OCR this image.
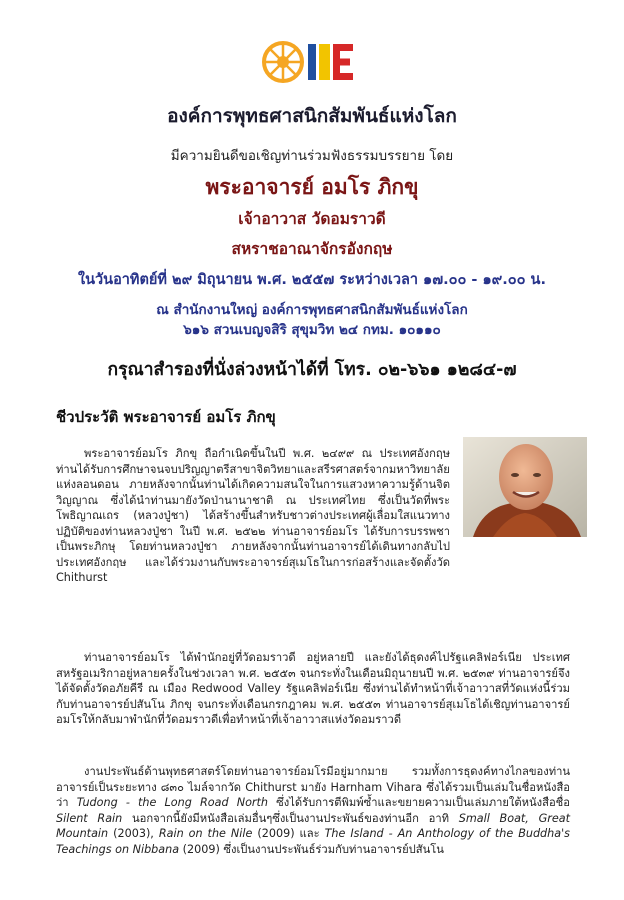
องค์การพุทธศาสนิกสัมพันธ์แห่งโลก
มีความยินดีขอเชิญท่านร่วมฟังธรรมบรรยาย โดย
พระอาจารย์ อมโร ภิกขุ
เจ้าอาวาส วัดอมราวดี
สหราชอาณาจักรอังกฤษ
ในวันอาทิตย์ที่ ๒๙ มิถุนายน พ.ศ. ๒๕๕๗ ระหว่างเวลา ๑๗.๐๐ - ๑๙.๐๐ น.
ณ สำนักงานใหญ่ องค์การพุทธศาสนิกสัมพันธ์แห่งโลก
๖๑๖ สวนเบญจสิริ สุขุมวิท ๒๔ กทม. ๑๐๑๑๐
กรุณาสำรองที่นั่งล่วงหน้าได้ที่ โทร. ๐๒-๖๖๑ ๑๒๘๔-๗
ชีวประวัติ พระอาจารย์ อมโร ภิกขุ

พระอาจารย์อมโร ภิกขุ ถือกำเนิดขึ้นในปี พ.ศ. ๒๔๙๙ ณ ประเทศอังกฤษ ท่านได้รับการศึกษาจนจบปริญญาตรีสาขาจิตวิทยาและสรีรศาสตร์จากมหาวิทยาลัยแห่งลอนดอน ภายหลังจากนั้นท่านได้เกิดความสนใจในการแสวงหาความรู้ด้านจิตวิญญาณ ซึ่งได้นำท่านมายังวัดป่านานาชาติ ณ ประเทศไทย ซึ่งเป็นวัดที่พระโพธิญาณเถร (หลวงปู่ชา) ได้สร้างขึ้นสำหรับชาวต่างประเทศผู้เลื่อมใสแนวทางปฏิบัติของท่านหลวงปู่ชา ในปี พ.ศ. ๒๕๒๒ ท่านอาจารย์อมโร ได้รับการบรรพชาเป็นพระภิกษุ โดยท่านหลวงปู่ชา ภายหลังจากนั้นท่านอาจารย์ได้เดินทางกลับไปประเทศอังกฤษ และได้ร่วมงานกับพระอาจารย์สุเมโธในการก่อสร้างและจัดตั้งวัด Chithurst

ท่านอาจารย์อมโร ได้พำนักอยู่ที่วัดอมราวดี อยู่หลายปี และยังได้ธุดงค์ไปรัฐแคลิฟอร์เนีย ประเทศสหรัฐอเมริกาอยู่หลายครั้งในช่วงเวลา พ.ศ. ๒๕๕๓ จนกระทั่งในเดือนมิถุนายนปี พ.ศ. ๒๕๓๙ ท่านอาจารย์จึงได้จัดตั้งวัดอภัยคีรี ณ เมือง Redwood Valley รัฐแคลิฟอร์เนีย ซึ่งท่านได้ทำหน้าที่เจ้าอาวาสที่วัดแห่งนี้ร่วมกับท่านอาจารย์ปสันโน ภิกขุ จนกระทั่งเดือนกรกฎาคม พ.ศ. ๒๕๕๓ ท่านอาจารย์สุเมโธได้เชิญท่านอาจารย์อมโรให้กลับมาพำนักที่วัดอมราวดีเพื่อทำหน้าที่เจ้าอาวาสแห่งวัดอมราวดี

งานประพันธ์ด้านพุทธศาสตร์โดยท่านอาจารย์อมโรมีอยู่มากมาย รวมทั้งการธุดงค์ทางไกลของท่านอาจารย์เป็นระยะทาง ๘๓๐ ไมล์จากวัด Chithurst มายัง Harnham Vihara ซึ่งได้รวมเป็นเล่มในชื่อหนังสือว่า Tudong - the Long Road North ซึ่งได้รับการตีพิมพ์ซ้ำและขยายความเป็นเล่มภายใต้หนังสือชื่อ Silent Rain นอกจากนี้ยังมีหนังสือเล่มอื่นๆซึ่งเป็นงานประพันธ์ของท่านอีก อาทิ Small Boat, Great Mountain (2003), Rain on the Nile (2009) และ The Island - An Anthology of the Buddha's Teachings on Nibbana (2009) ซึ่งเป็นงานประพันธ์ร่วมกับท่านอาจารย์ปสันโน
